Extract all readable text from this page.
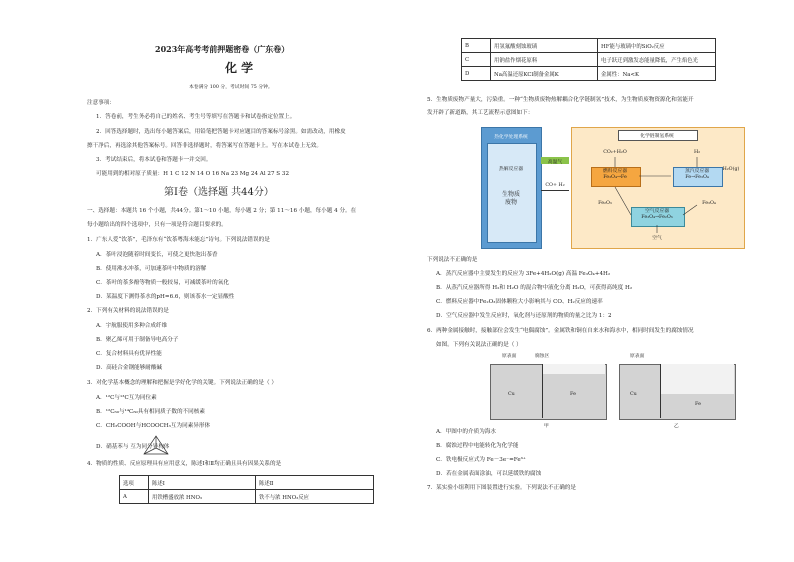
2023年高考考前押题密卷（广东卷）
化 学
本卷满分 100 分，考试时间 75 分钟。
注意事项：
1．答卷前，考生务必将自己的姓名、考生号等填写在答题卡和试卷指定位置上。
2．回答选择题时，选出每小题答案后，用铅笔把答题卡对应题目的答案标号涂黑。如需改动，用橡皮
擦干净后，再选涂其他答案标号。回答非选择题时，将答案写在答题卡上。写在本试卷上无效。
3．考试结束后，将本试卷和答题卡一并交回。
可能用到的相对原子质量：H 1 C 12 N 14 O 16 Na 23 Mg 24 Al 27 S 32
第Ⅰ卷（选择题 共44分）
一、选择题：本题共 16 个小题，共44分。第1～10 小题，每小题 2 分；第 11～16 小题，每小题 4 分。在
每小题给出的四个选项中，只有一项是符合题目要求的。
1．广东人爱“饮茶”，毛泽东有“饮茶粤海未能忘”诗句。下列说法错误的是
A．茶叶浸泡随着时间变长，可使之更快泡出茶香
B．使用沸水冲茶，可加速茶叶中物质的溶解
C．茶叶的茶多酚等物质一般较易，可减缓茶叶的氧化
D．某温度下测得茶水的pH=6.6，则该茶水一定显酸性
2．下列有关材料的说法错误的是
A．宇航服使用多种合成纤维
B．聚乙烯可用于制备导电高分子
C．复合材料具有优异性能
D．高硅合金钢能够耐酸碱
3．对化学基本概念的理解和把握是学好化学的关键。下列说法正确的是（ ）
A．¹²C与¹³C互为同位素
B．¹²C₆₀与¹⁴C₆₀具有相同质子数的不同核素
C．CH₃COOH与HCOOCH₃互为同素异形体
D．硝基苯与 互为同分异构体
4．物质的性质、反应原理具有应用意义，陈述Ⅰ和Ⅱ均正确且具有因果关系的是
选项	陈述Ⅰ	陈述Ⅱ
A	用铁槽盛放浓 HNO₃	铁不与浓 HNO₃反应
B	用氢氟酸刻蚀玻璃	HF能与玻璃中的SiO₂反应
C	用钠盐作烟花原料	电子跃迁到激发态能量降低，产生焰色光
D	Na高温还原KCl制备金属K	金属性：Na<K
5．生物质废物产量大，污染重。一种“生物质废物热解耦合化学链制氢”技术，为生物质废物资源化和氢能开
发开辟了新道路，其工艺流程示意图如下：
热化学处理系统
热解反应器
生物质
废物
高温气
CO+ H₂
化学链制氢系统
燃料反应器
Fe₃O₄→Fe
蒸汽反应器
Fe→Fe₃O₄
空气反应器
Fe₃O₄→Fe₂O₃
CO₂+H₂O	H₂
H₂O(g)
Fe₂O₃	Fe₃O₄
空气
下列说法不正确的是
A．蒸汽反应器中主要发生的反应为 3Fe+4H₂O(g) 高温 Fe₃O₄+4H₂
B．从蒸汽反应器所得 H₂和 H₂O 的混合物中液化分离 H₂O，可获得高纯度 H₂
C．燃料反应器中Fe₂O₃固体颗粒大小影响其与 CO、H₂反应的速率
D．空气反应器中发生反应时，氧化剂与还原剂的物质的量之比为 1：2
6．两种金属接触时，接触部位会发生“电偶腐蚀”。金属铁和铜在自来水和海水中，相同时间发生的腐蚀情况
如图。下列有关说法正确的是（ ）
原表面	腐蚀区	原表面
Cu	Fe	Cu
Fe
甲	乙
A．甲图中的介质为海水
B．腐蚀过程中电能转化为化学能
C．铁电极反应式为 Fe－3e⁻=Fe³⁺
D．若在金属表面涂油，可以延缓铁的腐蚀
7．某实验小组利用下图装置进行实验。下列说法不正确的是
